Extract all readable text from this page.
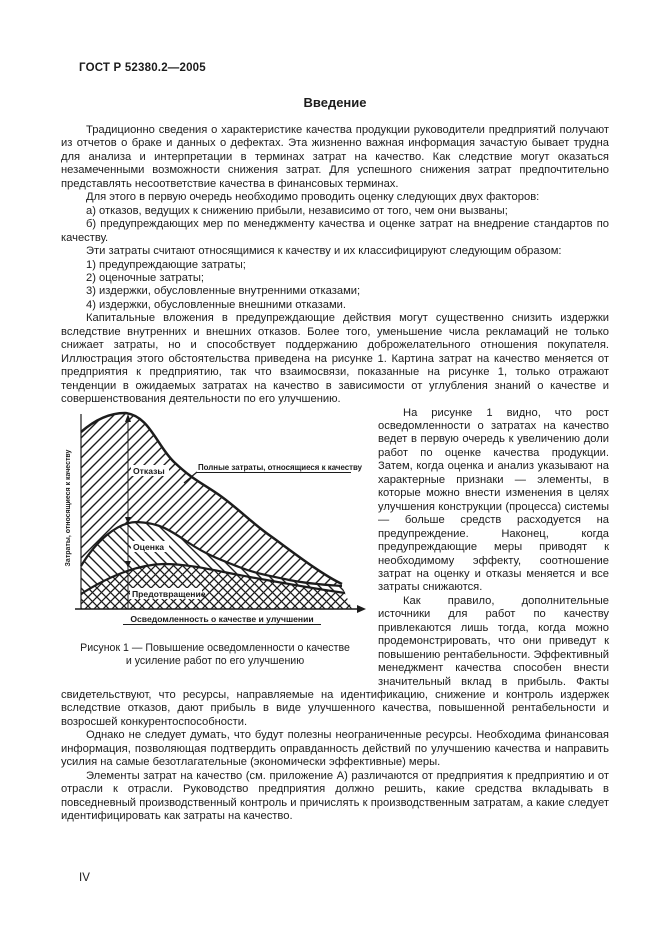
ГОСТ Р 52380.2—2005
Введение

Традиционно сведения о характеристике качества продукции руководители предприятий получают из отчетов о браке и данных о дефектах. Эта жизненно важная информация зачастую бывает трудна для анализа и интерпретации в терминах затрат на качество. Как следствие могут оказаться незамеченными возможности снижения затрат. Для успешного снижения затрат предпочтительно представлять несоответствие качества в финансовых терминах.

Для этого в первую очередь необходимо проводить оценку следующих двух факторов:

а) отказов, ведущих к снижению прибыли, независимо от того, чем они вызваны;

б) предупреждающих мер по менеджменту качества и оценке затрат на внедрение стандартов по качеству.

Эти затраты считают относящимися к качеству и их классифицируют следующим образом:

1) предупреждающие затраты;

2) оценочные затраты;

3) издержки, обусловленные внутренними отказами;

4) издержки, обусловленные внешними отказами.

Капитальные вложения в предупреждающие действия могут существенно снизить издержки вследствие внутренних и внешних отказов. Более того, уменьшение числа рекламаций не только снижает затраты, но и способствует поддержанию доброжелательного отношения покупателя. Иллюстрация этого обстоятельства приведена на рисунке 1. Картина затрат на качество меняется от предприятия к предприятию, так что взаимосвязи, показанные на рисунке 1, только отражают тенденции в ожидаемых затратах на качество в зависимости от углубления знаний о качестве и совершенствования деятельности по его улучшению.

Затраты, относящиеся к качеству
Осведомленность о качестве и улучшении
Полные затраты, относящиеся к качеству
Отказы
Оценка
Предотвращение
Рисунок 1 — Повышение осведомленности о качестве
и усиление работ по его улучшению

На рисунке 1 видно, что рост осведомленности о затратах на качество ведет в первую очередь к увеличению доли работ по оценке качества продукции. Затем, когда оценка и анализ указывают на характерные признаки — элементы, в которые можно внести изменения в целях улучшения конструкции (процесса) системы — больше средств расходуется на предупреждение. Наконец, когда предупреждающие меры приводят к необходимому эффекту, соотношение затрат на оценку и отказы меняется и все затраты снижаются.

Как правило, дополнительные источники для работ по качеству привлекаются лишь тогда, когда можно продемонстрировать, что они приведут к повышению рентабельности. Эффективный менеджмент качества способен внести значительный вклад в прибыль. Факты свидетельствуют, что ресурсы, направляемые на идентификацию, снижение и контроль издержек вследствие отказов, дают прибыль в виде улучшенного качества, повышенной рентабельности и возросшей конкурентоспособности.

Однако не следует думать, что будут полезны неограниченные ресурсы. Необходима финансовая информация, позволяющая подтвердить оправданность действий по улучшению качества и направить усилия на самые безотлагательные (экономически эффективные) меры.

Элементы затрат на качество (см. приложение А) различаются от предприятия к предприятию и от отрасли к отрасли. Руководство предприятия должно решить, какие средства вкладывать в повседневный производственный контроль и причислять к производственным затратам, а какие следует идентифицировать как затраты на качество.

IV
